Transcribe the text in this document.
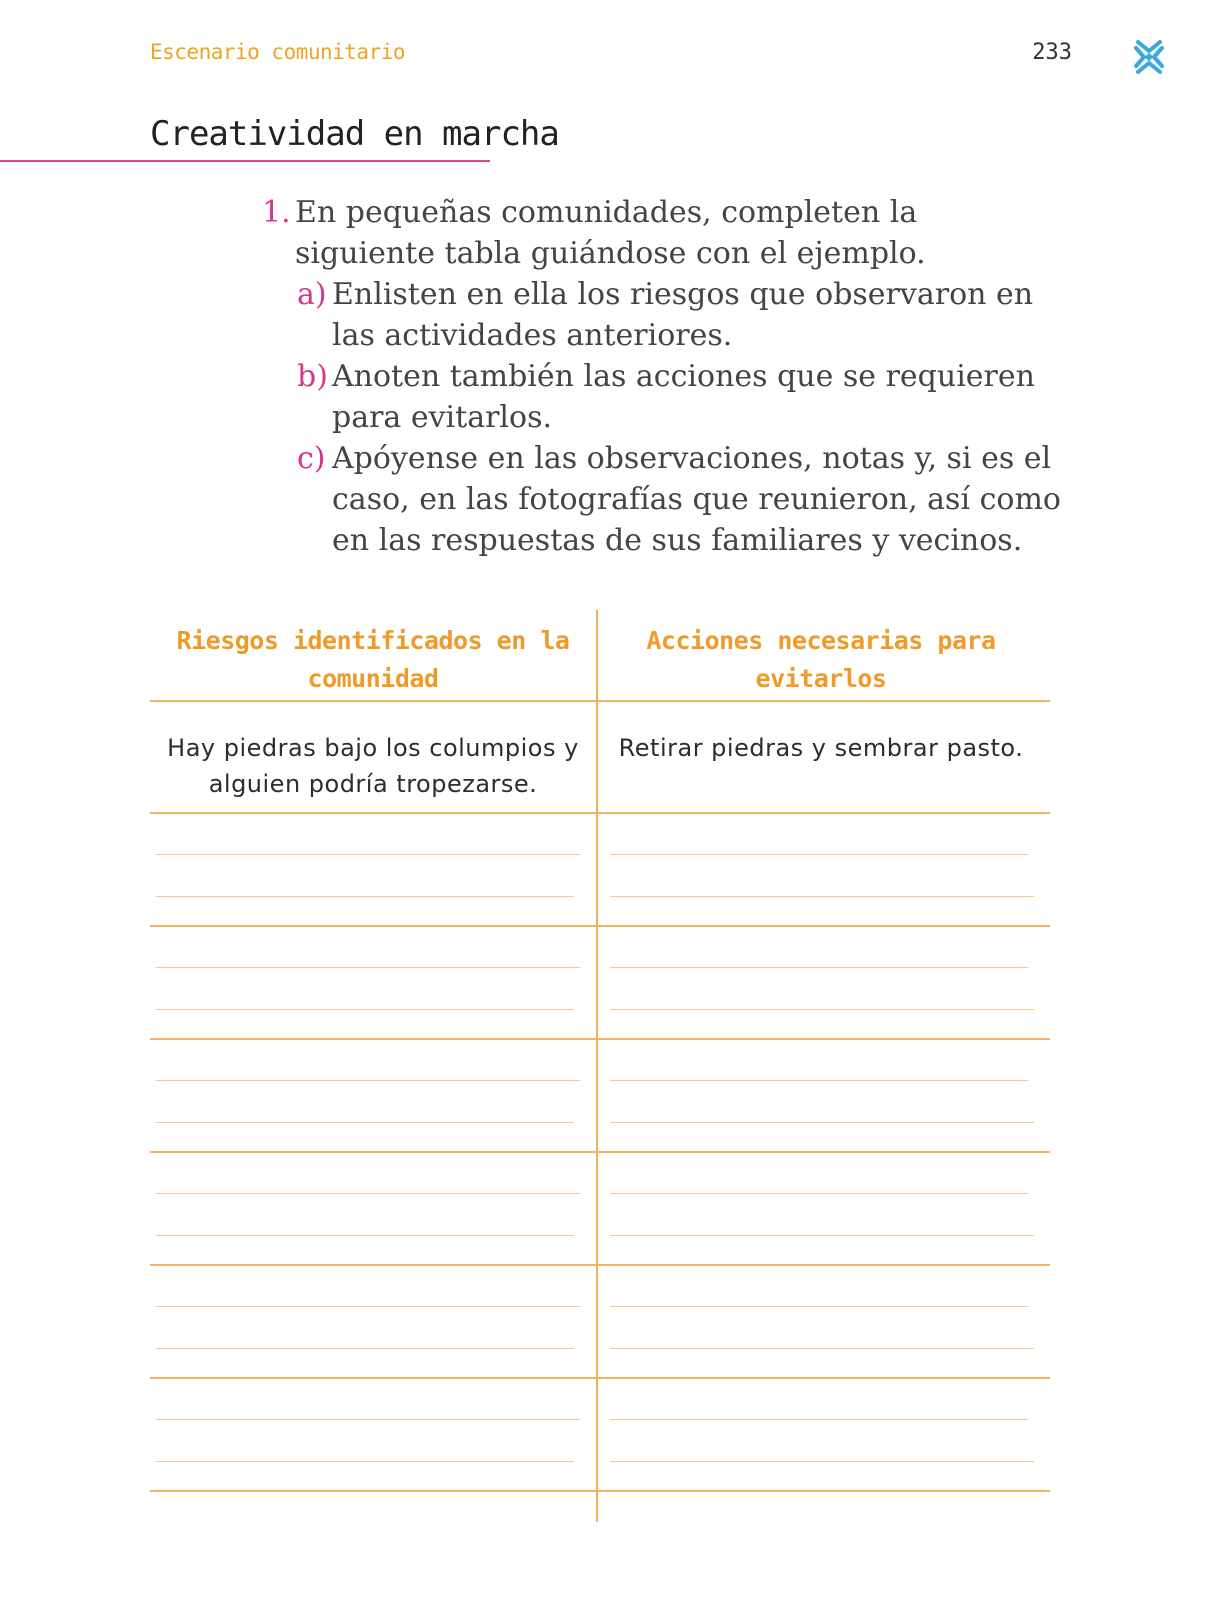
Escenario comunitario	233
Creatividad en marcha
1. En pequeñas comunidades, completen la siguiente tabla guiándose con el ejemplo.
a) Enlisten en ella los riesgos que observaron en las actividades anteriores.
b) Anoten también las acciones que se requieren para evitarlos.
c) Apóyense en las observaciones, notas y, si es el caso, en las fotografías que reunieron, así como en las respuestas de sus familiares y vecinos.
Riesgos identificados en la comunidad
Acciones necesarias para evitarlos
Hay piedras bajo los columpios y alguien podría tropezarse.
Retirar piedras y sembrar pasto.
